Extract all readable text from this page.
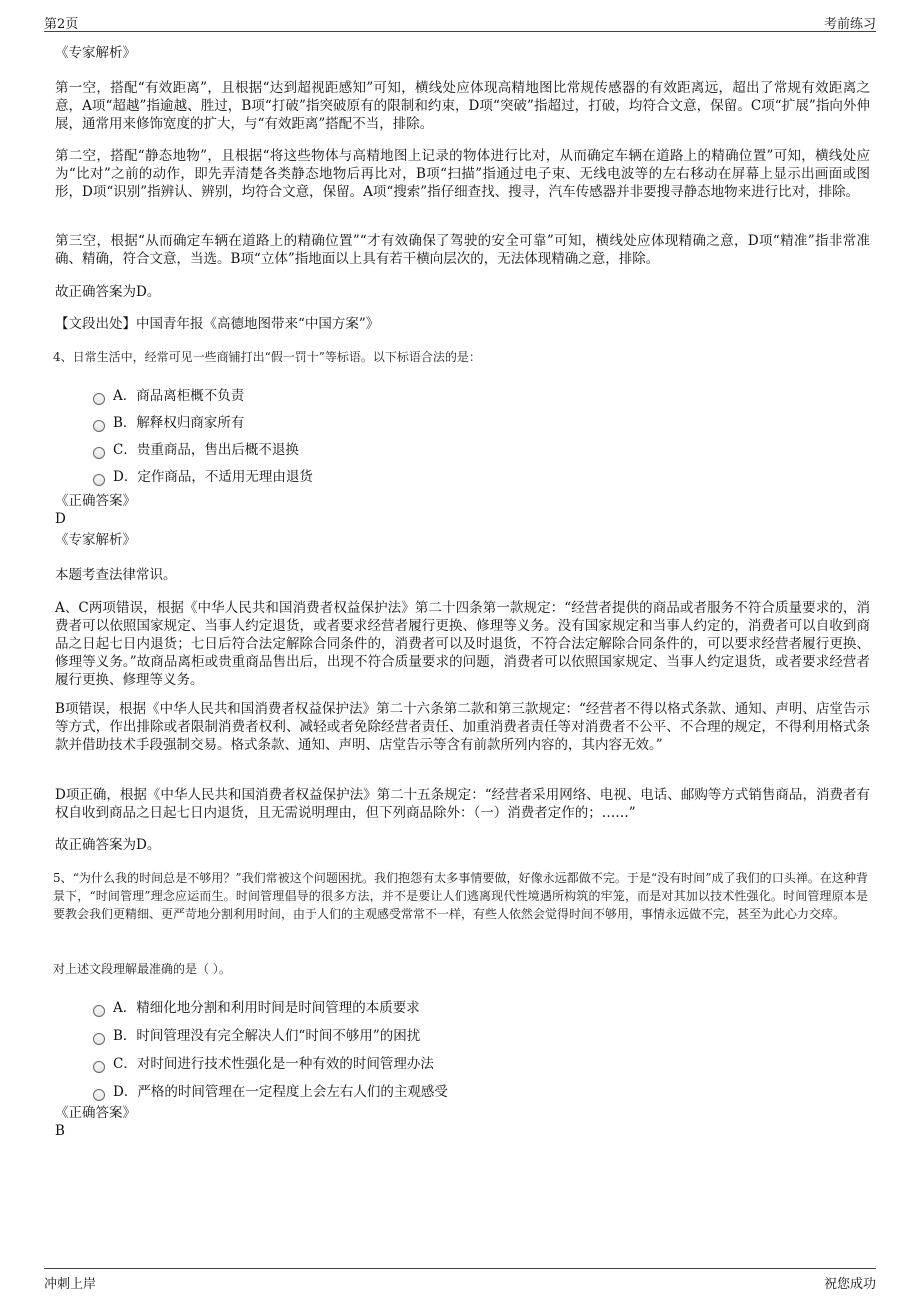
第2页	考前练习
《专家解析》
第一空，搭配“有效距离”，且根据“达到超视距感知”可知，横线处应体现高精地图比常规传感器的有效距离远，超出了常规有效距离之意，A项“超越”指逾越、胜过，B项“打破”指突破原有的限制和约束，D项“突破”指超过，打破，均符合文意，保留。C项“扩展”指向外伸展，通常用来修饰宽度的扩大，与“有效距离”搭配不当，排除。
第二空，搭配“静态地物”，且根据“将这些物体与高精地图上记录的物体进行比对，从而确定车辆在道路上的精确位置”可知，横线处应为“比对”之前的动作，即先弄清楚各类静态地物后再比对，B项“扫描”指通过电子束、无线电波等的左右移动在屏幕上显示出画面或图形，D项“识别”指辨认、辨别，均符合文意，保留。A项“搜索”指仔细查找、搜寻，汽车传感器并非要搜寻静态地物来进行比对，排除。
第三空，根据“从而确定车辆在道路上的精确位置”“才有效确保了驾驶的安全可靠”可知，横线处应体现精确之意，D项“精准”指非常准确、精确，符合文意，当选。B项“立体”指地面以上具有若干横向层次的，无法体现精确之意，排除。
故正确答案为D。
【文段出处】中国青年报《高德地图带来“中国方案”》
4、日常生活中，经常可见一些商铺打出“假一罚十”等标语。以下标语合法的是：
A．商品离柜概不负责
B．解释权归商家所有
C．贵重商品，售出后概不退换
D．定作商品，不适用无理由退货
《正确答案》
D
《专家解析》
本题考查法律常识。
A、C两项错误，根据《中华人民共和国消费者权益保护法》第二十四条第一款规定：“经营者提供的商品或者服务不符合质量要求的，消费者可以依照国家规定、当事人约定退货，或者要求经营者履行更换、修理等义务。没有国家规定和当事人约定的，消费者可以自收到商品之日起七日内退货；七日后符合法定解除合同条件的，消费者可以及时退货，不符合法定解除合同条件的，可以要求经营者履行更换、修理等义务。”故商品离柜或贵重商品售出后，出现不符合质量要求的问题，消费者可以依照国家规定、当事人约定退货，或者要求经营者履行更换、修理等义务。
B项错误，根据《中华人民共和国消费者权益保护法》第二十六条第二款和第三款规定：“经营者不得以格式条款、通知、声明、店堂告示等方式，作出排除或者限制消费者权利、减轻或者免除经营者责任、加重消费者责任等对消费者不公平、不合理的规定，不得利用格式条款并借助技术手段强制交易。格式条款、通知、声明、店堂告示等含有前款所列内容的，其内容无效。”
D项正确，根据《中华人民共和国消费者权益保护法》第二十五条规定：“经营者采用网络、电视、电话、邮购等方式销售商品，消费者有权自收到商品之日起七日内退货，且无需说明理由，但下列商品除外：（一）消费者定作的；……”
故正确答案为D。
5、“为什么我的时间总是不够用？”我们常被这个问题困扰。我们抱怨有太多事情要做，好像永远都做不完。于是“没有时间”成了我们的口头禅。在这种背景下，“时间管理”理念应运而生。时间管理倡导的很多方法，并不是要让人们逃离现代性境遇所构筑的牢笼，而是对其加以技术性强化。时间管理原本是要教会我们更精细、更严苛地分割利用时间，由于人们的主观感受常常不一样，有些人依然会觉得时间不够用，事情永远做不完，甚至为此心力交瘁。
对上述文段理解最准确的是（ ）。
A．精细化地分割和利用时间是时间管理的本质要求
B．时间管理没有完全解决人们“时间不够用”的困扰
C．对时间进行技术性强化是一种有效的时间管理办法
D．严格的时间管理在一定程度上会左右人们的主观感受
《正确答案》
B
冲刺上岸	祝您成功
